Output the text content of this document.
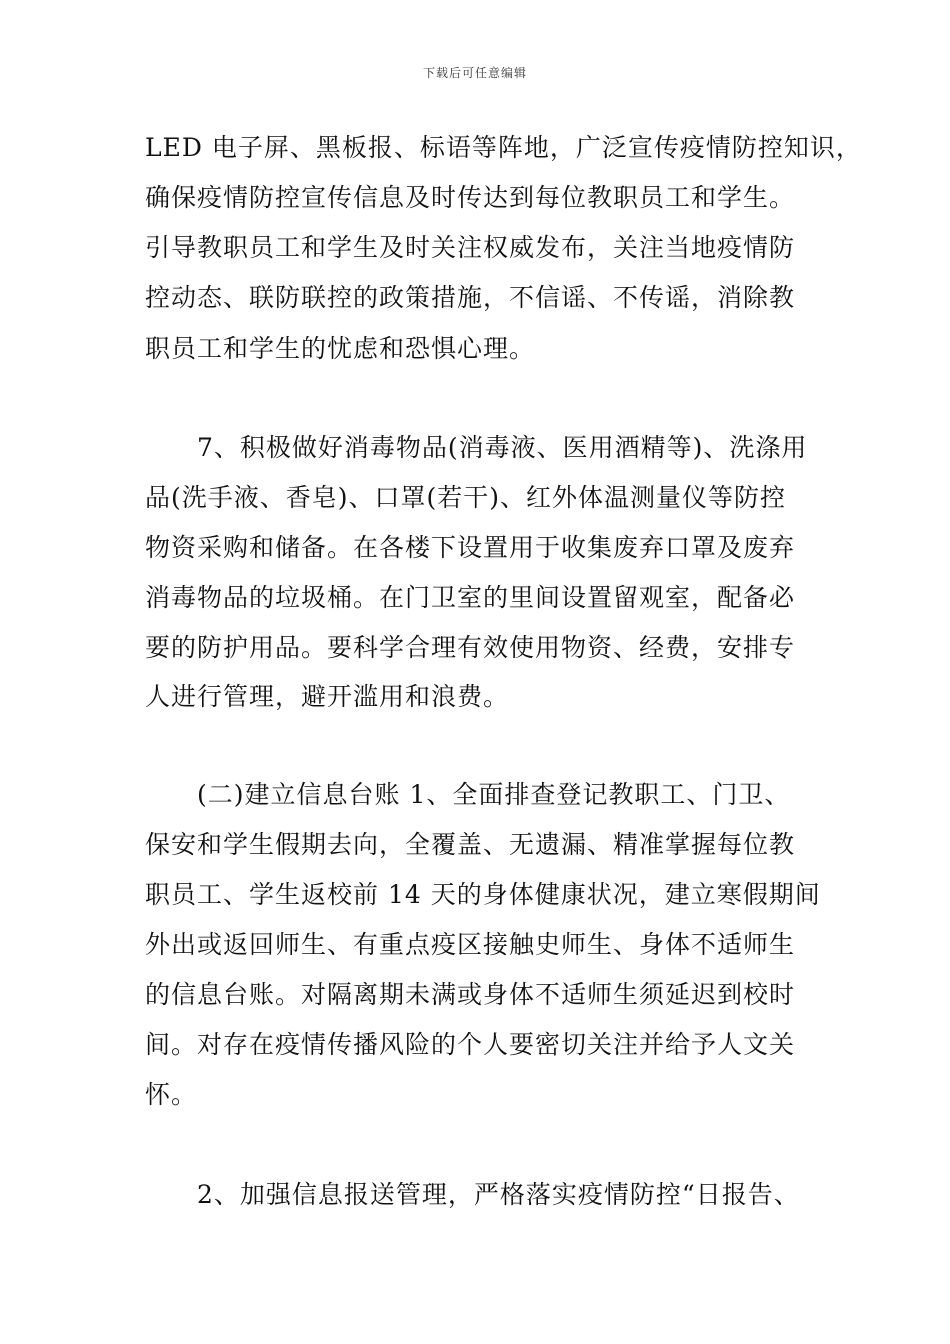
下载后可任意编辑
LED 电子屏、黑板报、标语等阵地，广泛宣传疫情防控知识，
确保疫情防控宣传信息及时传达到每位教职员工和学生。
引导教职员工和学生及时关注权威发布，关注当地疫情防
控动态、联防联控的政策措施，不信谣、不传谣，消除教
职员工和学生的忧虑和恐惧心理。
7、积极做好消毒物品(消毒液、医用酒精等)、洗涤用
品(洗手液、香皂)、口罩(若干)、红外体温测量仪等防控
物资采购和储备。在各楼下设置用于收集废弃口罩及废弃
消毒物品的垃圾桶。在门卫室的里间设置留观室，配备必
要的防护用品。要科学合理有效使用物资、经费，安排专
人进行管理，避开滥用和浪费。
(二)建立信息台账 1、全面排查登记教职工、门卫、
保安和学生假期去向，全覆盖、无遗漏、精准掌握每位教
职员工、学生返校前 14 天的身体健康状况，建立寒假期间
外出或返回师生、有重点疫区接触史师生、身体不适师生
的信息台账。对隔离期未满或身体不适师生须延迟到校时
间。对存在疫情传播风险的个人要密切关注并给予人文关
怀。
2、加强信息报送管理，严格落实疫情防控“日报告、
